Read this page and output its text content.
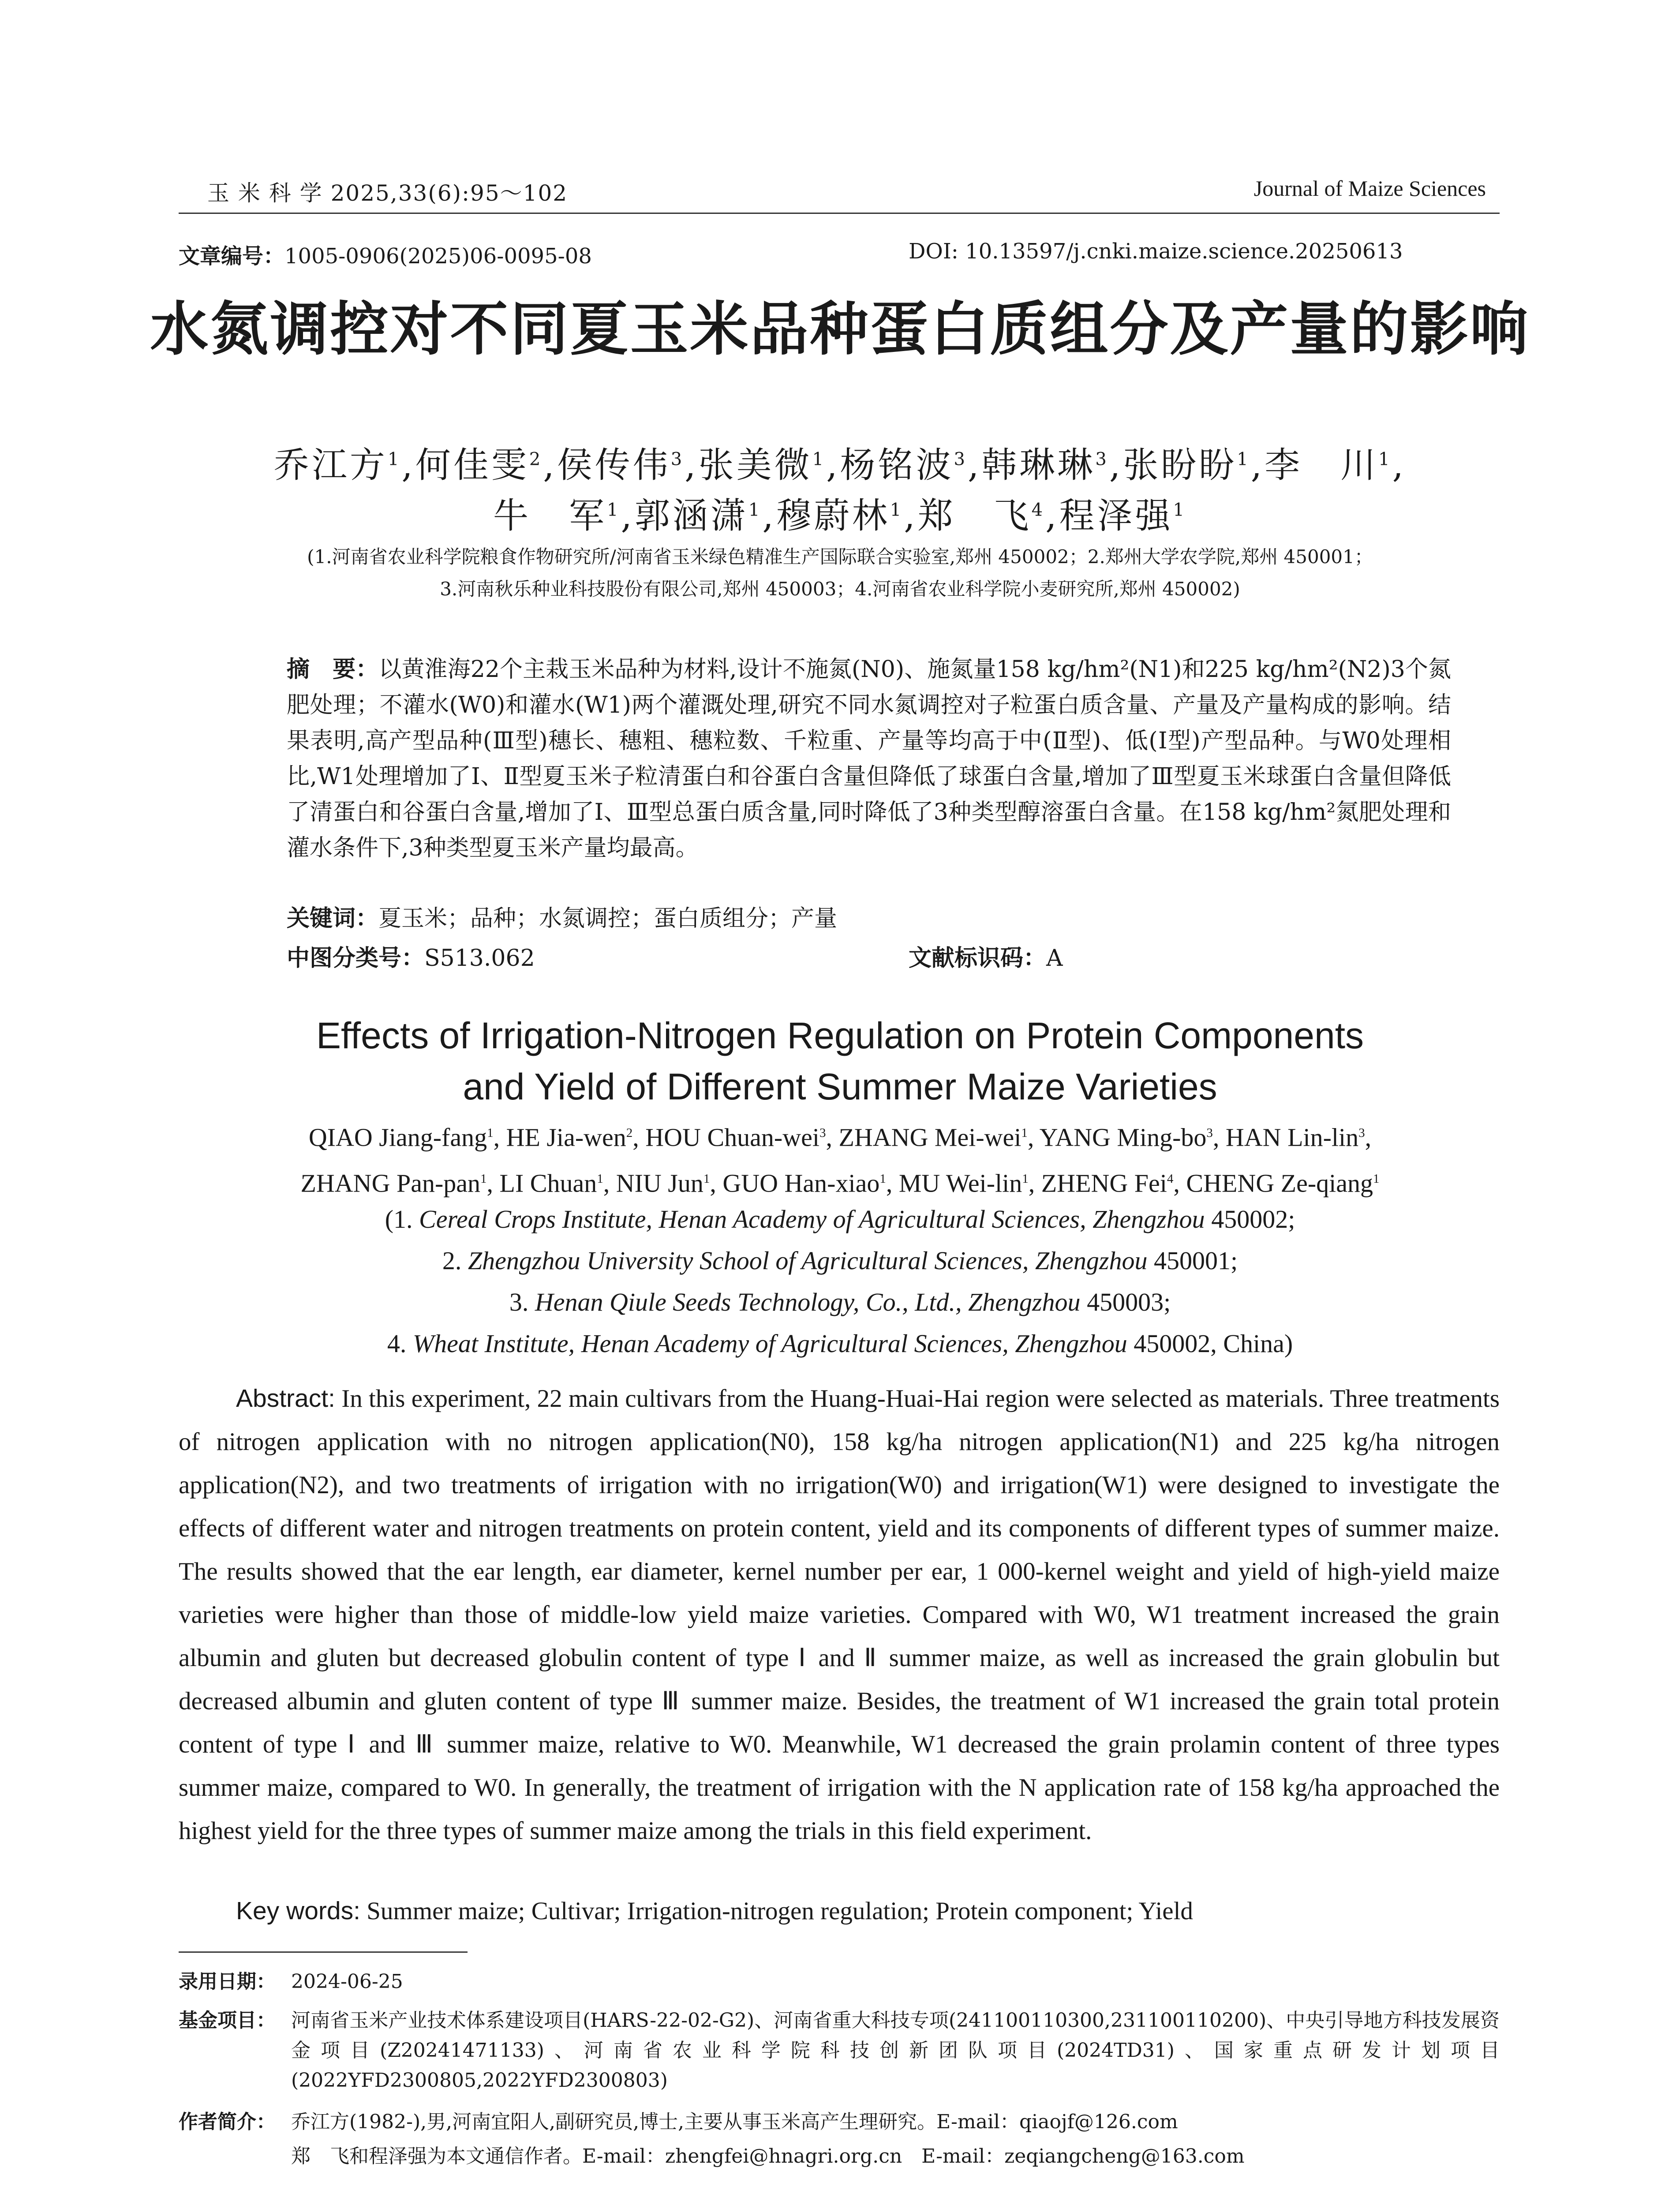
玉 米 科 学 2025,33(6):95～102	Journal of Maize Sciences
文章编号：1005-0906(2025)06-0095-08	DOI: 10.13597/j.cnki.maize.science.20250613
水氮调控对不同夏玉米品种蛋白质组分及产量的影响
乔江方$^1$,何佳雯$^2$,侯传伟$^3$,张美微$^1$,杨铭波$^3$,韩琳琳$^3$,张盼盼$^1$,李　川$^1$,
牛　军$^1$,郭涵潇$^1$,穆蔚林$^1$,郑　飞$^4$,程泽强$^1$
(1.河南省农业科学院粮食作物研究所/河南省玉米绿色精准生产国际联合实验室,郑州 450002；2.郑州大学农学院,郑州 450001；
3.河南秋乐种业科技股份有限公司,郑州 450003；4.河南省农业科学院小麦研究所,郑州 450002)
摘　要：以黄淮海22个主栽玉米品种为材料,设计不施氮(N0)、施氮量158 kg/hm²(N1)和225 kg/hm²(N2)3个氮肥处理；不灌水(W0)和灌水(W1)两个灌溉处理,研究不同水氮调控对子粒蛋白质含量、产量及产量构成的影响。结果表明,高产型品种(Ⅲ型)穗长、穗粗、穗粒数、千粒重、产量等均高于中(Ⅱ型)、低(Ⅰ型)产型品种。与W0处理相比,W1处理增加了Ⅰ、Ⅱ型夏玉米子粒清蛋白和谷蛋白含量但降低了球蛋白含量,增加了Ⅲ型夏玉米球蛋白含量但降低了清蛋白和谷蛋白含量,增加了Ⅰ、Ⅲ型总蛋白质含量,同时降低了3种类型醇溶蛋白含量。在158 kg/hm²氮肥处理和灌水条件下,3种类型夏玉米产量均最高。
关键词：夏玉米；品种；水氮调控；蛋白质组分；产量
中图分类号：S513.062	文献标识码：A
Effects of Irrigation-Nitrogen Regulation on Protein Components
and Yield of Different Summer Maize Varieties
QIAO Jiang-fang$^1$, HE Jia-wen$^2$, HOU Chuan-wei$^3$, ZHANG Mei-wei$^1$, YANG Ming-$bo^3$, HAN Lin-lin$^3$,
ZHANG Pan-pan$^1$, LI Chuan$^1$, NIU Jun$^1$, GUO Han-xiao$^1$, MU Wei-lin$^1$, ZHENG Fei$^4$, CHENG Ze-qiang$^1$
(1. Cereal Crops Institute, Henan Academy of Agricultural Sciences, Zhengzhou 450002;
2. Zhengzhou University School of Agricultural Sciences, Zhengzhou 450001;
3. Henan Qiule Seeds Technology, Co., Ltd., Zhengzhou 450003;
4. Wheat Institute, Henan Academy of Agricultural Sciences, Zhengzhou 450002, China)
Abstract: In this experiment, 22 main cultivars from the Huang-Huai-Hai region were selected as materials. Three treatments of nitrogen application with no nitrogen application(N0), 158 kg/ha nitrogen application(N1) and 225 kg/ha nitrogen application(N2), and two treatments of irrigation with no irrigation(W0) and irrigation(W1) were designed to investigate the effects of different water and nitrogen treatments on protein content, yield and its components of different types of summer maize. The results showed that the ear length, ear diameter, kernel number per ear, 1 000-kernel weight and yield of high-yield maize varieties were higher than those of middle-low yield maize varieties. Compared with W0, W1 treatment increased the grain albumin and gluten but decreased globulin content of type Ⅰ and Ⅱ summer maize, as well as increased the grain globulin but decreased albumin and gluten content of type Ⅲ summer maize. Besides, the treatment of W1 increased the grain total protein content of type Ⅰ and Ⅲ summer maize, relative to W0. Meanwhile, W1 decreased the grain prolamin content of three types summer maize, compared to W0. In generally, the treatment of irrigation with the N application rate of 158 kg/ha approached the highest yield for the three types of summer maize among the trials in this field experiment.
Key words: Summer maize; Cultivar; Irrigation-nitrogen regulation; Protein component; Yield
录用日期： 2024-06-25
基金项目： 河南省玉米产业技术体系建设项目(HARS-22-02-G2)、河南省重大科技专项(241100110300,231100110200)、中央引导地方科技发展资金项目(Z20241471133)、河南省农业科学院科技创新团队项目(2024TD31)、国家重点研发计划项目(2022YFD2300805,2022YFD2300803)
作者简介： 乔江方(1982-),男,河南宜阳人,副研究员,博士,主要从事玉米高产生理研究。E-mail：qiaojf@126.com
郑　飞和程泽强为本文通信作者。E-mail：zhengfei@hnagri.org.cn　E-mail：zeqiangcheng@163.com
